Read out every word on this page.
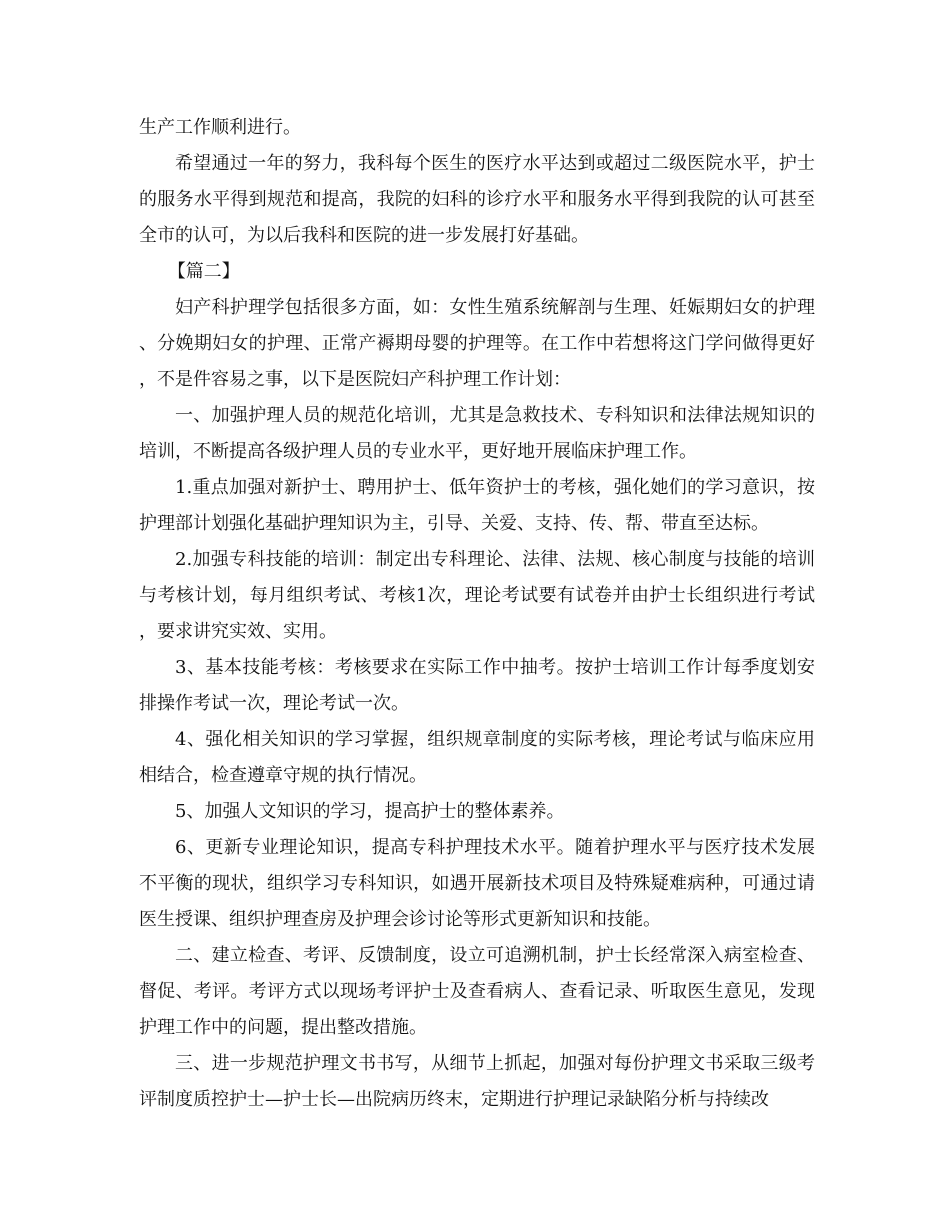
生产工作顺利进行。

希望通过一年的努力，我科每个医生的医疗水平达到或超过二级医院水平，护士的服务水平得到规范和提高，我院的妇科的诊疗水平和服务水平得到我院的认可甚至全市的认可，为以后我科和医院的进一步发展打好基础。

【篇二】

妇产科护理学包括很多方面，如：女性生殖系统解剖与生理、妊娠期妇女的护理、分娩期妇女的护理、正常产褥期母婴的护理等。在工作中若想将这门学问做得更好，不是件容易之事，以下是医院妇产科护理工作计划：

一、加强护理人员的规范化培训，尤其是急救技术、专科知识和法律法规知识的培训，不断提高各级护理人员的专业水平，更好地开展临床护理工作。

1.重点加强对新护士、聘用护士、低年资护士的考核，强化她们的学习意识，按护理部计划强化基础护理知识为主，引导、关爱、支持、传、帮、带直至达标。

2.加强专科技能的培训：制定出专科理论、法律、法规、核心制度与技能的培训与考核计划，每月组织考试、考核1次，理论考试要有试卷并由护士长组织进行考试，要求讲究实效、实用。

3、基本技能考核：考核要求在实际工作中抽考。按护士培训工作计每季度划安排操作考试一次，理论考试一次。

4、强化相关知识的学习掌握，组织规章制度的实际考核，理论考试与临床应用相结合，检查遵章守规的执行情况。

5、加强人文知识的学习，提高护士的整体素养。

6、更新专业理论知识，提高专科护理技术水平。随着护理水平与医疗技术发展不平衡的现状，组织学习专科知识，如遇开展新技术项目及特殊疑难病种，可通过请医生授课、组织护理查房及护理会诊讨论等形式更新知识和技能。

二、建立检查、考评、反馈制度，设立可追溯机制，护士长经常深入病室检查、督促、考评。考评方式以现场考评护士及查看病人、查看记录、听取医生意见，发现护理工作中的问题，提出整改措施。

三、进一步规范护理文书书写，从细节上抓起，加强对每份护理文书采取三级考评制度质控护士—护士长—出院病历终末，定期进行护理记录缺陷分析与持续改
